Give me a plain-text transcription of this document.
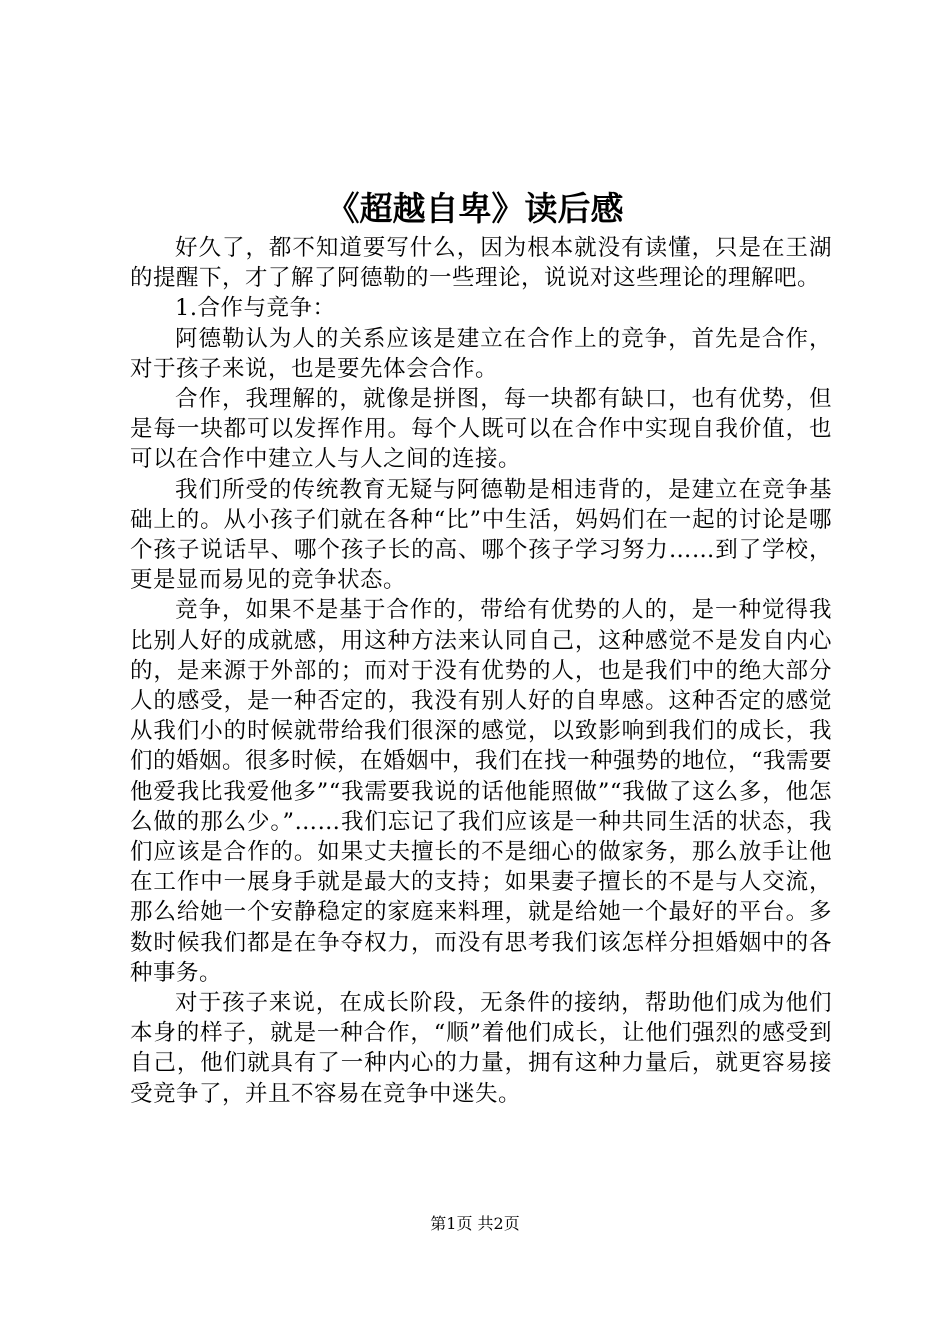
《超越自卑》读后感

好久了，都不知道要写什么，因为根本就没有读懂，只是在王湖的提醒下，才了解了阿德勒的一些理论，说说对这些理论的理解吧。

1.合作与竞争：

阿德勒认为人的关系应该是建立在合作上的竞争，首先是合作，对于孩子来说，也是要先体会合作。

合作，我理解的，就像是拼图，每一块都有缺口，也有优势，但是每一块都可以发挥作用。每个人既可以在合作中实现自我价值，也可以在合作中建立人与人之间的连接。

我们所受的传统教育无疑与阿德勒是相违背的，是建立在竞争基础上的。从小孩子们就在各种“比”中生活，妈妈们在一起的讨论是哪个孩子说话早、哪个孩子长的高、哪个孩子学习努力……到了学校，更是显而易见的竞争状态。

竞争，如果不是基于合作的，带给有优势的人的，是一种觉得我比别人好的成就感，用这种方法来认同自己，这种感觉不是发自内心的，是来源于外部的；而对于没有优势的人，也是我们中的绝大部分人的感受，是一种否定的，我没有别人好的自卑感。这种否定的感觉从我们小的时候就带给我们很深的感觉，以致影响到我们的成长，我们的婚姻。很多时候，在婚姻中，我们在找一种强势的地位，“我需要他爱我比我爱他多”“我需要我说的话他能照做”“我做了这么多，他怎么做的那么少。”……我们忘记了我们应该是一种共同生活的状态，我们应该是合作的。如果丈夫擅长的不是细心的做家务，那么放手让他在工作中一展身手就是最大的支持；如果妻子擅长的不是与人交流，那么给她一个安静稳定的家庭来料理，就是给她一个最好的平台。多数时候我们都是在争夺权力，而没有思考我们该怎样分担婚姻中的各种事务。

对于孩子来说，在成长阶段，无条件的接纳，帮助他们成为他们本身的样子，就是一种合作，“顺”着他们成长，让他们强烈的感受到自己，他们就具有了一种内心的力量，拥有这种力量后，就更容易接受竞争了，并且不容易在竞争中迷失。

第1页 共2页
